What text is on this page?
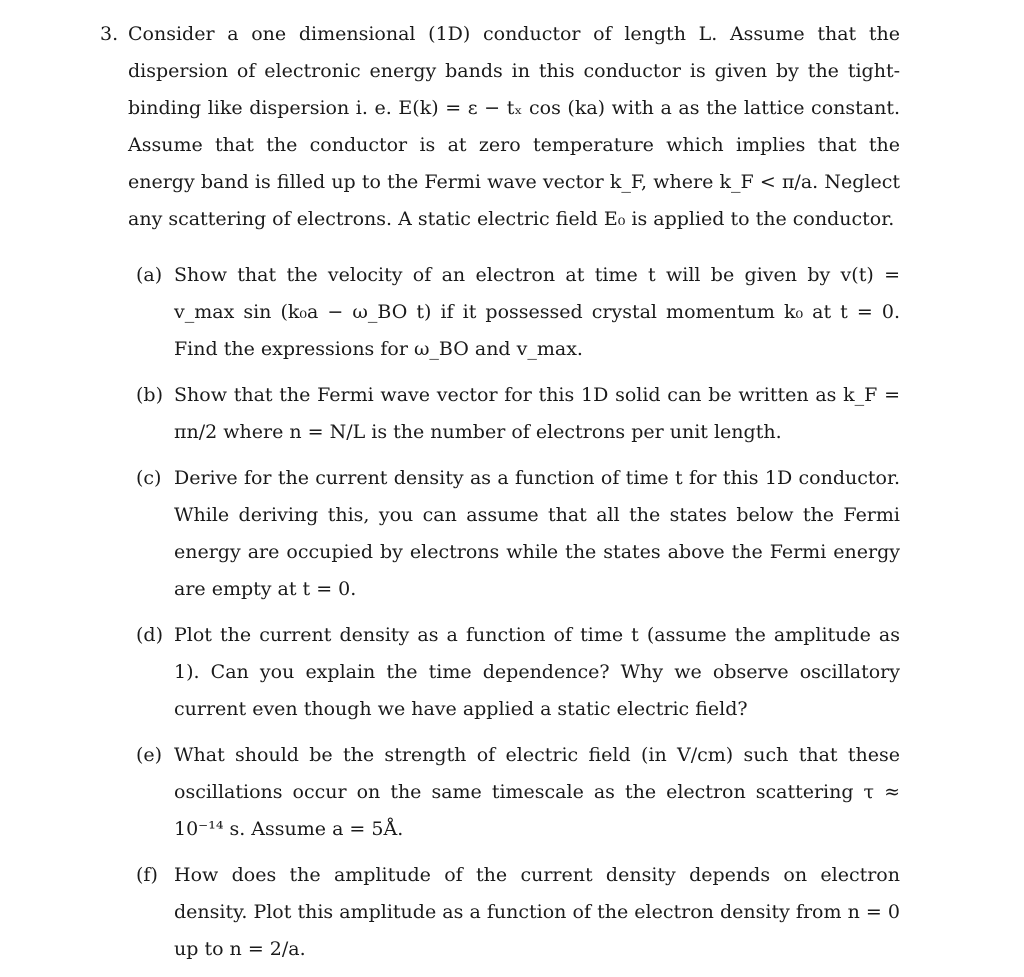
3. Consider a one dimensional (1D) conductor of length L. Assume that the dispersion of electronic energy bands in this conductor is given by the tight-binding like dispersion i. e. E(k) = ε − tₓ cos (ka) with a as the lattice constant. Assume that the conductor is at zero temperature which implies that the energy band is filled up to the Fermi wave vector k_F, where k_F < π/a. Neglect any scattering of electrons. A static electric field E₀ is applied to the conductor.
(a) Show that the velocity of an electron at time t will be given by v(t) = v_max sin (k₀a − ω_BO t) if it possessed crystal momentum k₀ at t = 0. Find the expressions for ω_BO and v_max.
(b) Show that the Fermi wave vector for this 1D solid can be written as k_F = πn/2 where n = N/L is the number of electrons per unit length.
(c) Derive for the current density as a function of time t for this 1D conductor. While deriving this, you can assume that all the states below the Fermi energy are occupied by electrons while the states above the Fermi energy are empty at t = 0.
(d) Plot the current density as a function of time t (assume the amplitude as 1). Can you explain the time dependence? Why we observe oscillatory current even though we have applied a static electric field?
(e) What should be the strength of electric field (in V/cm) such that these oscillations occur on the same timescale as the electron scattering τ ≈ 10⁻¹⁴ s. Assume a = 5Å.
(f) How does the amplitude of the current density depends on electron density. Plot this amplitude as a function of the electron density from n = 0 up to n = 2/a.
